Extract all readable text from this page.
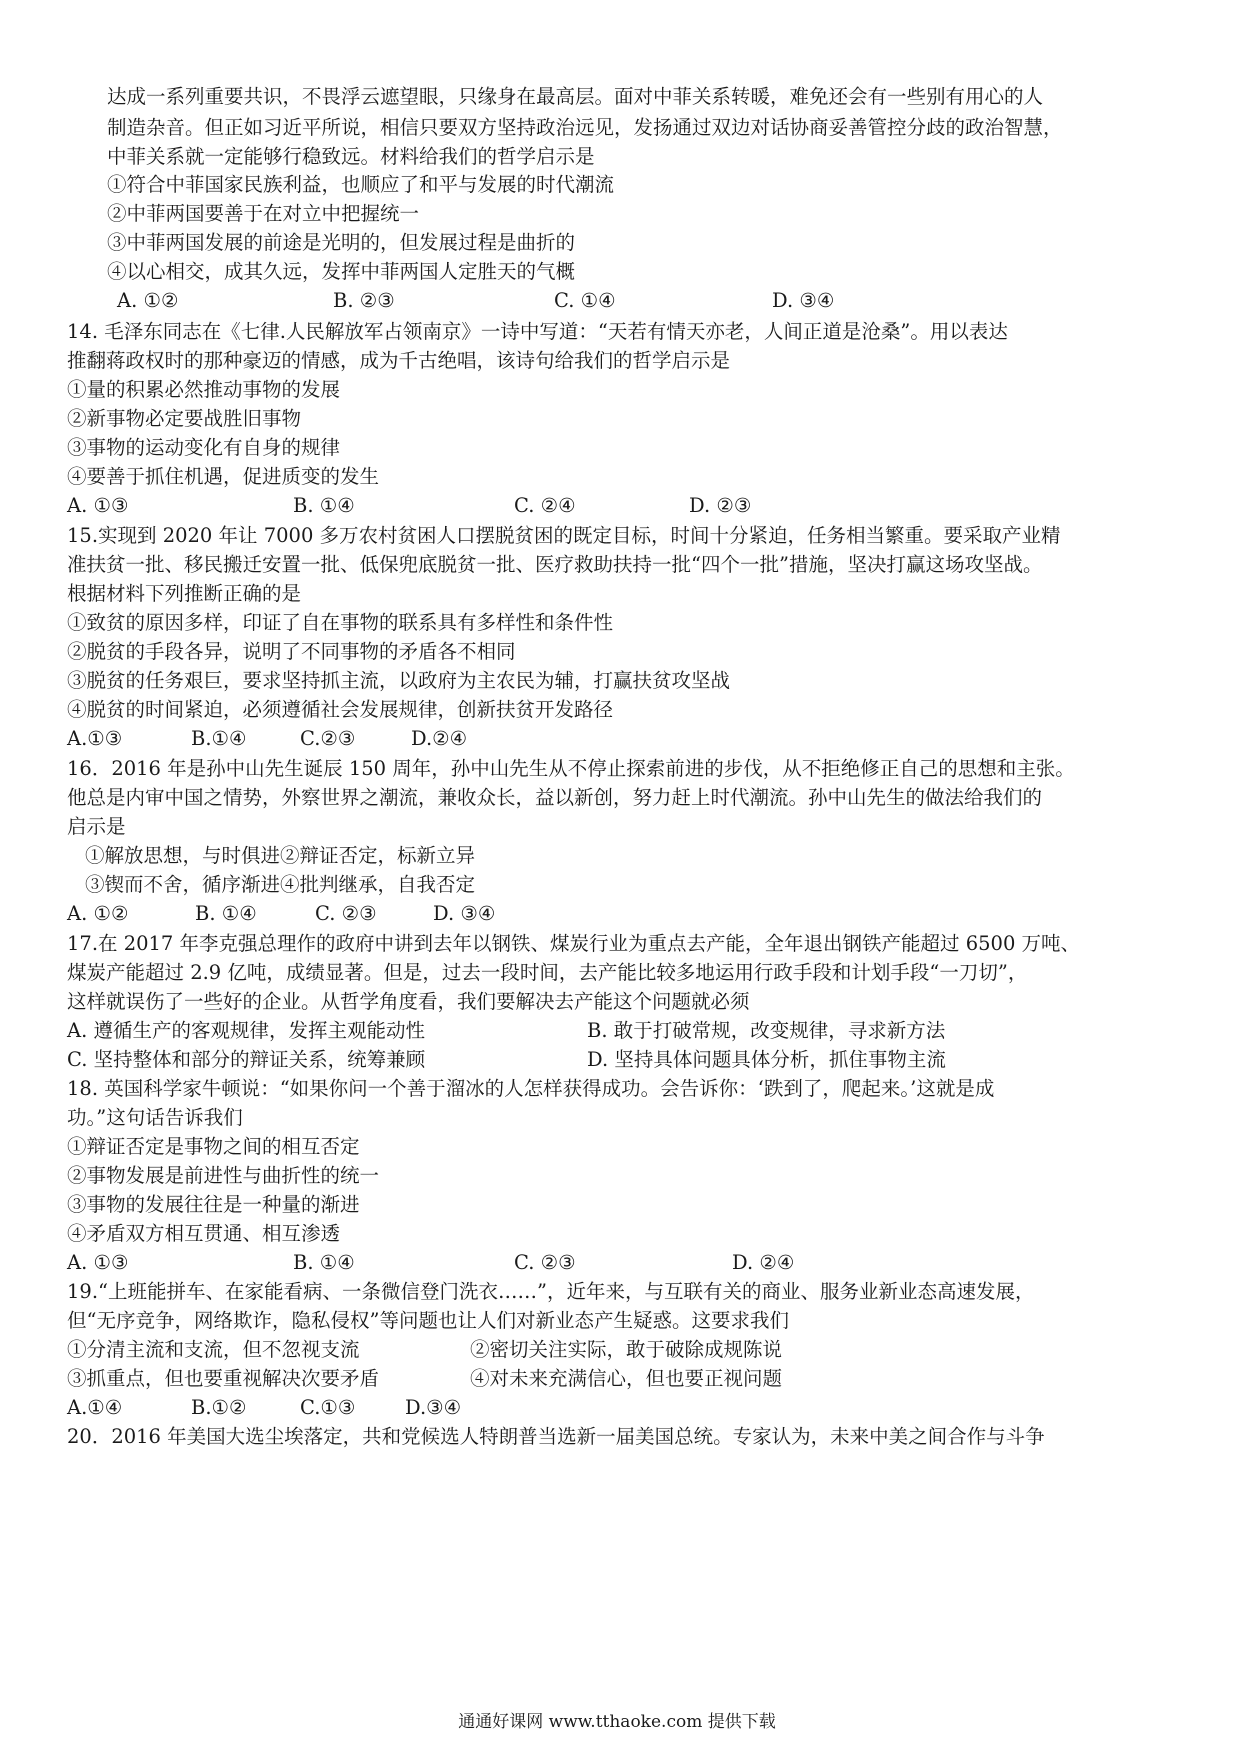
达成一系列重要共识，不畏浮云遮望眼，只缘身在最高层。面对中菲关系转暖，难免还会有一些别有用心的人
制造杂音。但正如习近平所说，相信只要双方坚持政治远见，发扬通过双边对话协商妥善管控分歧的政治智慧，
中菲关系就一定能够行稳致远。材料给我们的哲学启示是
①符合中菲国家民族利益，也顺应了和平与发展的时代潮流
②中菲两国要善于在对立中把握统一
③中菲两国发展的前途是光明的，但发展过程是曲折的
④以心相交，成其久远，发挥中菲两国人定胜天的气概
A. ①②	B. ②③	C. ①④	D. ③④
14. 毛泽东同志在《七律.人民解放军占领南京》一诗中写道：“天若有情天亦老，人间正道是沧桑”。用以表达
推翻蒋政权时的那种豪迈的情感，成为千古绝唱，该诗句给我们的哲学启示是
①量的积累必然推动事物的发展
②新事物必定要战胜旧事物
③事物的运动变化有自身的规律
④要善于抓住机遇，促进质变的发生
A. ①③	B. ①④	C. ②④	D. ②③
15.实现到 2020 年让 7000 多万农村贫困人口摆脱贫困的既定目标，时间十分紧迫，任务相当繁重。要采取产业精
准扶贫一批、移民搬迁安置一批、低保兜底脱贫一批、医疗救助扶持一批“四个一批”措施，坚决打赢这场攻坚战。
根据材料下列推断正确的是
①致贫的原因多样，印证了自在事物的联系具有多样性和条件性
②脱贫的手段各异，说明了不同事物的矛盾各不相同
③脱贫的任务艰巨，要求坚持抓主流，以政府为主农民为辅，打赢扶贫攻坚战
④脱贫的时间紧迫，必须遵循社会发展规律，创新扶贫开发路径
A.①③	B.①④	C.②③	D.②④
16．2016 年是孙中山先生诞辰 150 周年，孙中山先生从不停止探索前进的步伐，从不拒绝修正自己的思想和主张。
他总是内审中国之情势，外察世界之潮流，兼收众长，益以新创，努力赶上时代潮流。孙中山先生的做法给我们的
启示是
①解放思想，与时俱进②辩证否定，标新立异
③锲而不舍，循序渐进④批判继承，自我否定
A. ①②	B. ①④	C. ②③	D. ③④
17.在 2017 年李克强总理作的政府中讲到去年以钢铁、煤炭行业为重点去产能，全年退出钢铁产能超过 6500 万吨、
煤炭产能超过 2.9 亿吨，成绩显著。但是，过去一段时间，去产能比较多地运用行政手段和计划手段“一刀切”，
这样就误伤了一些好的企业。从哲学角度看，我们要解决去产能这个问题就必须
A. 遵循生产的客观规律，发挥主观能动性	B. 敢于打破常规，改变规律，寻求新方法
C. 坚持整体和部分的辩证关系，统筹兼顾	D. 坚持具体问题具体分析，抓住事物主流
18. 英国科学家牛顿说：“如果你问一个善于溜冰的人怎样获得成功。会告诉你：‘跌到了，爬起来。’这就是成
功。”这句话告诉我们
①辩证否定是事物之间的相互否定
②事物发展是前进性与曲折性的统一
③事物的发展往往是一种量的渐进
④矛盾双方相互贯通、相互渗透
A. ①③	B. ①④	C. ②③	D. ②④
19.“上班能拼车、在家能看病、一条微信登门洗衣……”，近年来，与互联有关的商业、服务业新业态高速发展，
但“无序竞争，网络欺诈，隐私侵权”等问题也让人们对新业态产生疑惑。这要求我们
①分清主流和支流，但不忽视支流	②密切关注实际，敢于破除成规陈说
③抓重点，但也要重视解决次要矛盾	④对未来充满信心，但也要正视问题
A.①④	B.①②	C.①③	D.③④
20．2016 年美国大选尘埃落定，共和党候选人特朗普当选新一届美国总统。专家认为，未来中美之间合作与斗争
通通好课网 www.tthaoke.com 提供下载
